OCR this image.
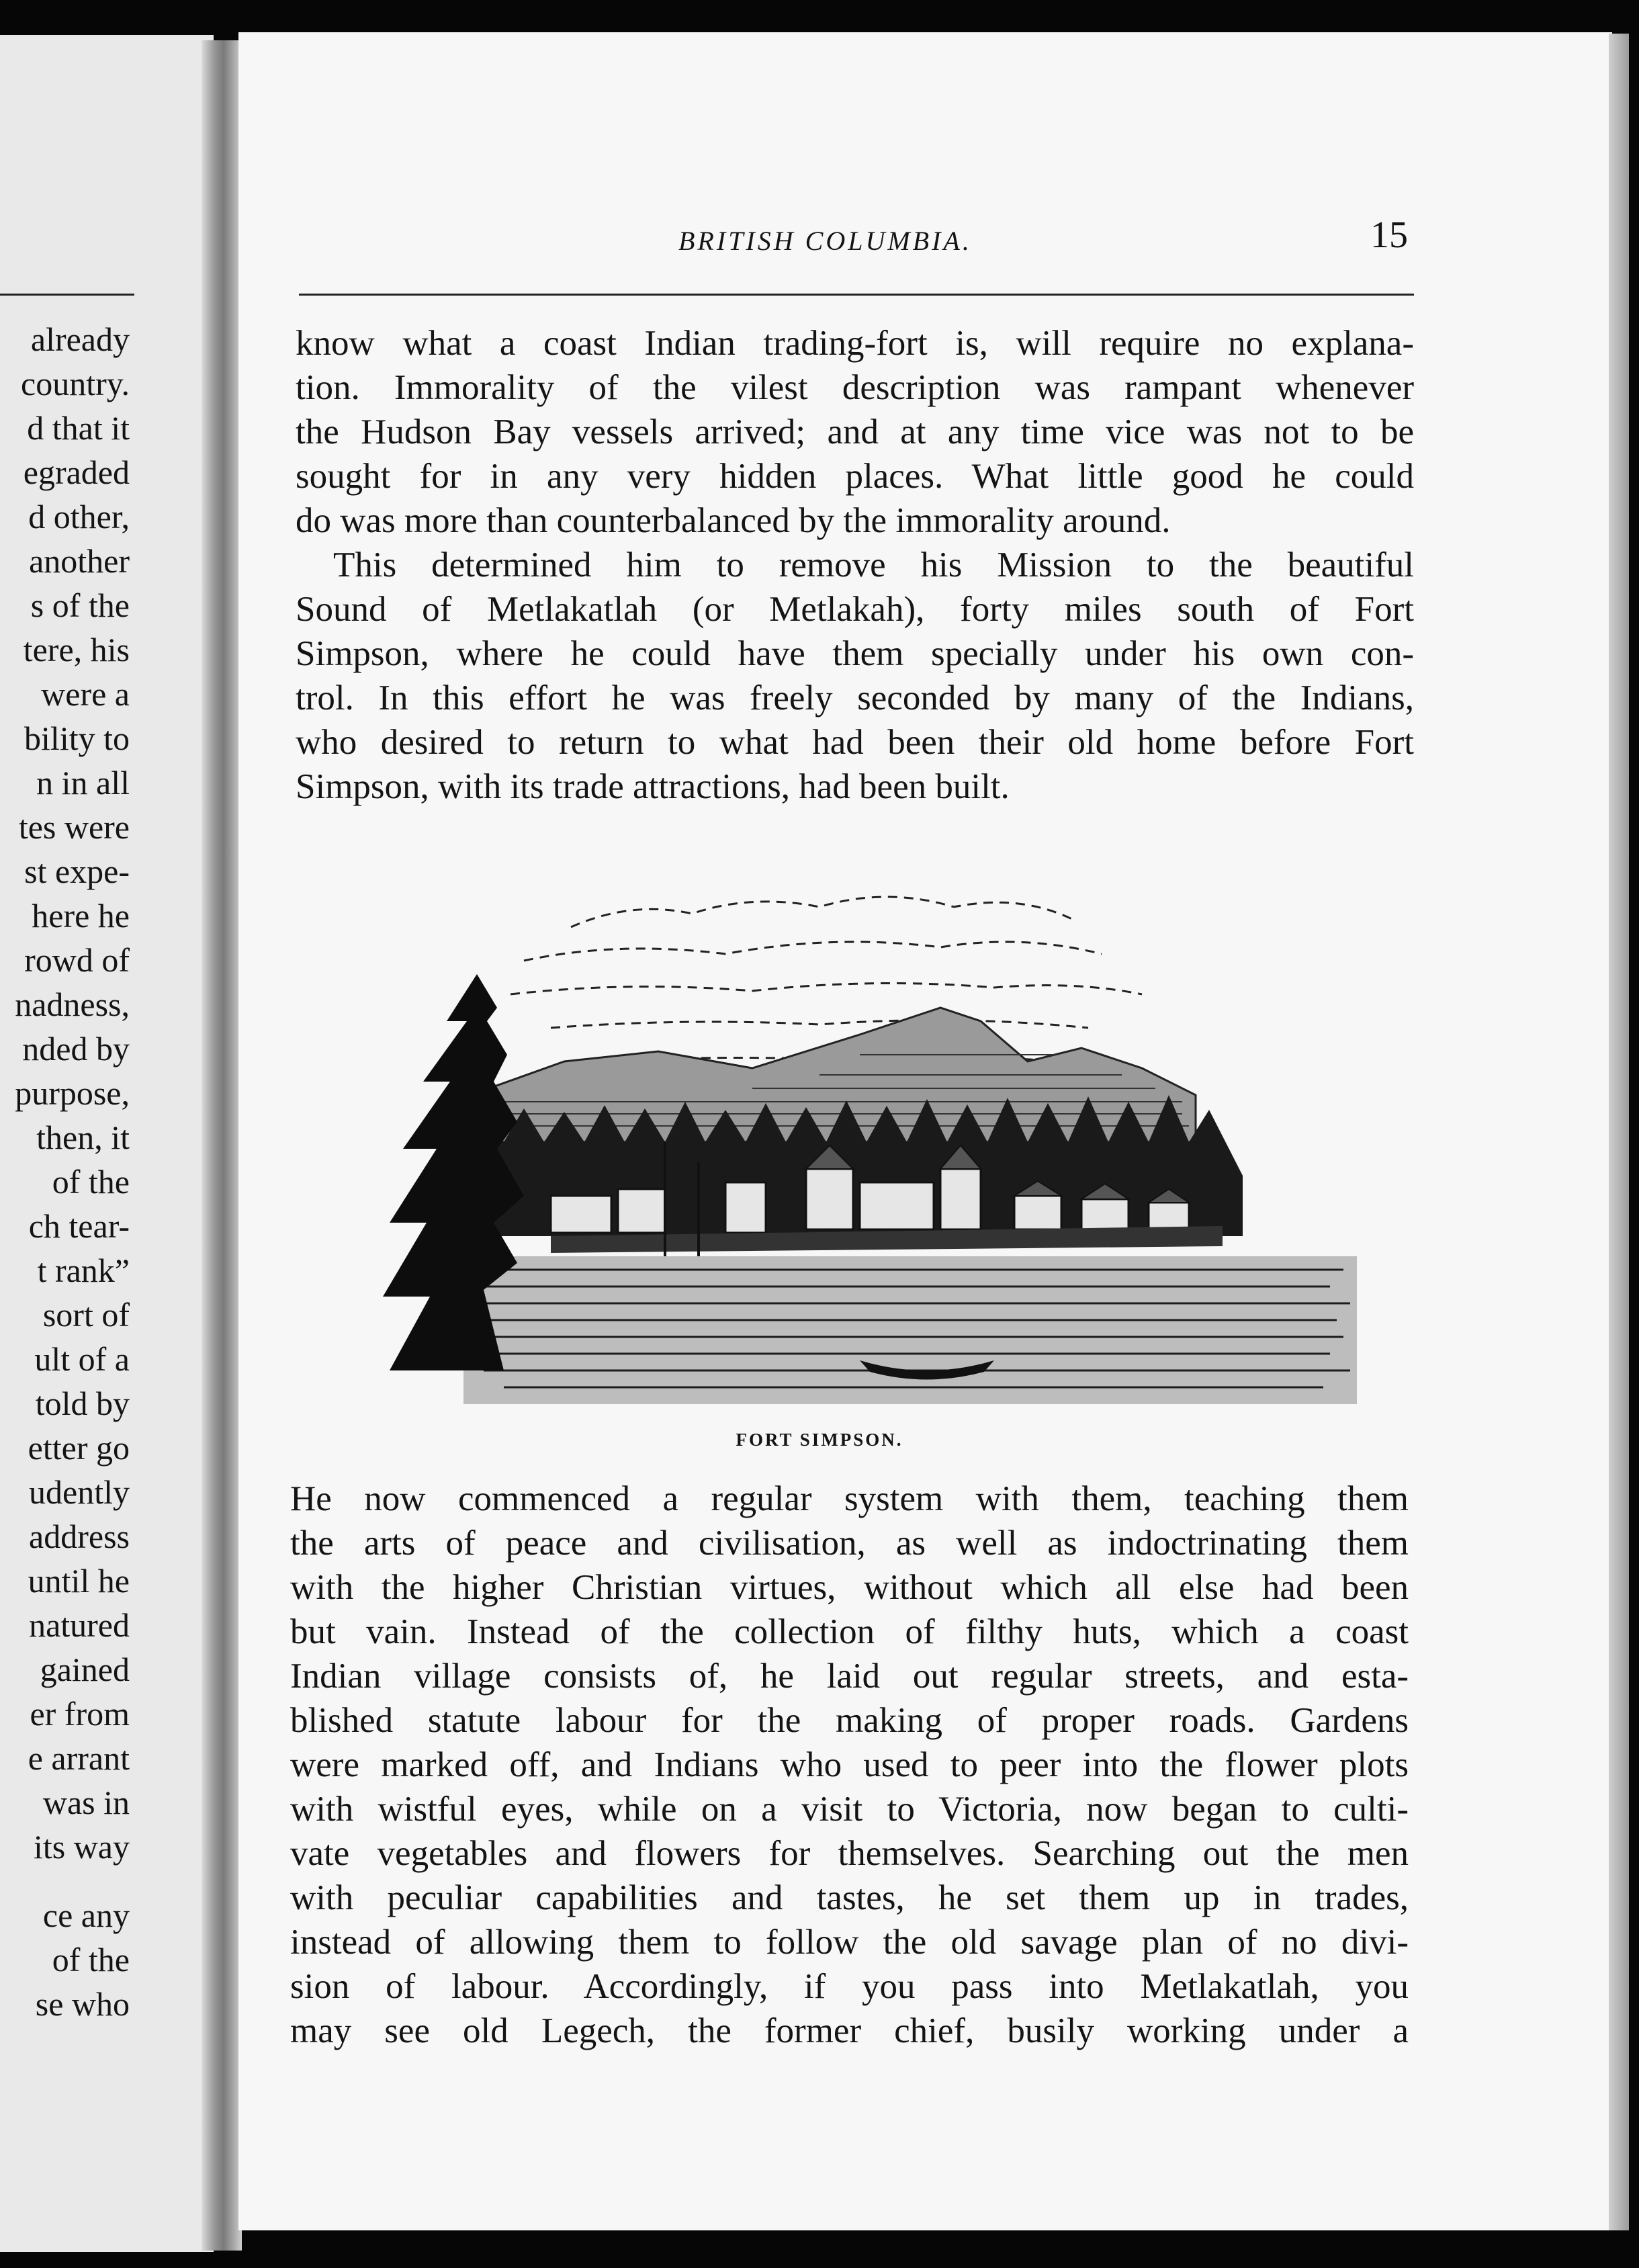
already
country.
d that it
egraded
d other,
another
s of the
tere, his
were a
bility to
n in all
tes were
st expe-
here he
rowd of
nadness,
nded by
purpose,
then, it
of the
ch tear-
t rank”
sort of
ult of a
told by
etter go
udently
address
until he
natured
gained
er from
e arrant
was in
its way
ce any
of the
se who
BRITISH COLUMBIA.	15
know what a coast Indian trading-fort is, will require no explana-
tion. Immorality of the vilest description was rampant whenever
the Hudson Bay vessels arrived; and at any time vice was not to be
sought for in any very hidden places. What little good he could
do was more than counterbalanced by the immorality around.
This determined him to remove his Mission to the beautiful
Sound of Metlakatlah (or Metlakah), forty miles south of Fort
Simpson, where he could have them specially under his own con-
trol. In this effort he was freely seconded by many of the Indians,
who desired to return to what had been their old home before Fort
Simpson, with its trade attractions, had been built.
FORT SIMPSON.
He now commenced a regular system with them, teaching them
the arts of peace and civilisation, as well as indoctrinating them
with the higher Christian virtues, without which all else had been
but vain. Instead of the collection of filthy huts, which a coast
Indian village consists of, he laid out regular streets, and esta-
blished statute labour for the making of proper roads. Gardens
were marked off, and Indians who used to peer into the flower plots
with wistful eyes, while on a visit to Victoria, now began to culti-
vate vegetables and flowers for themselves. Searching out the men
with peculiar capabilities and tastes, he set them up in trades,
instead of allowing them to follow the old savage plan of no divi-
sion of labour. Accordingly, if you pass into Metlakatlah, you
may see old Legech, the former chief, busily working under a
